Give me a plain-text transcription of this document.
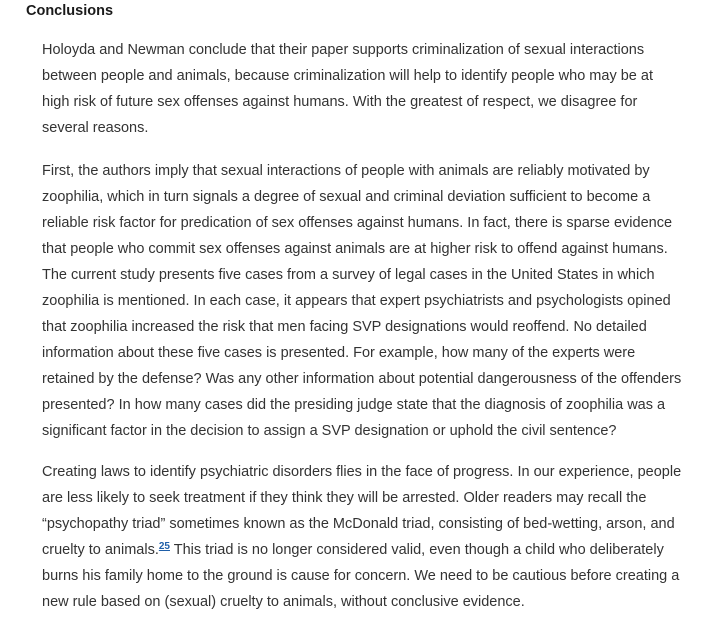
Conclusions
Holoyda and Newman conclude that their paper supports criminalization of sexual interactions
between people and animals, because criminalization will help to identify people who may be at
high risk of future sex offenses against humans. With the greatest of respect, we disagree for
several reasons.
First, the authors imply that sexual interactions of people with animals are reliably motivated by
zoophilia, which in turn signals a degree of sexual and criminal deviation sufficient to become a
reliable risk factor for predication of sex offenses against humans. In fact, there is sparse evidence
that people who commit sex offenses against animals are at higher risk to offend against humans.
The current study presents five cases from a survey of legal cases in the United States in which
zoophilia is mentioned. In each case, it appears that expert psychiatrists and psychologists opined
that zoophilia increased the risk that men facing SVP designations would reoffend. No detailed
information about these five cases is presented. For example, how many of the experts were
retained by the defense? Was any other information about potential dangerousness of the offenders
presented? In how many cases did the presiding judge state that the diagnosis of zoophilia was a
significant factor in the decision to assign a SVP designation or uphold the civil sentence?
Creating laws to identify psychiatric disorders flies in the face of progress. In our experience, people
are less likely to seek treatment if they think they will be arrested. Older readers may recall the
“psychopathy triad” sometimes known as the McDonald triad, consisting of bed-wetting, arson, and
cruelty to animals.$^{25}$ This triad is no longer considered valid, even though a child who deliberately
burns his family home to the ground is cause for concern. We need to be cautious before creating a
new rule based on (sexual) cruelty to animals, without conclusive evidence.
